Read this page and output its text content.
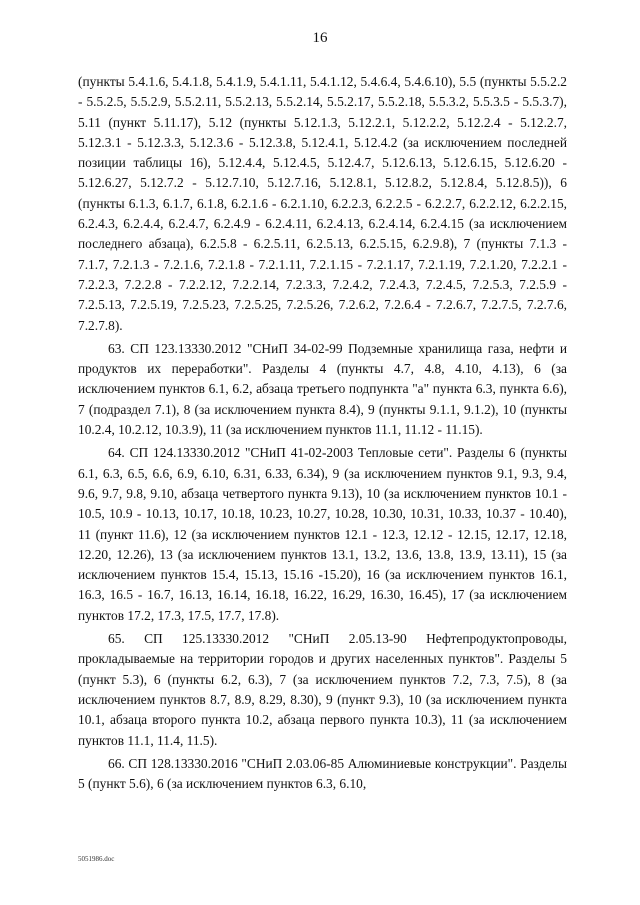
16

(пункты 5.4.1.6, 5.4.1.8, 5.4.1.9, 5.4.1.11, 5.4.1.12, 5.4.6.4, 5.4.6.10), 5.5 (пункты 5.5.2.2 - 5.5.2.5, 5.5.2.9, 5.5.2.11, 5.5.2.13, 5.5.2.14, 5.5.2.17, 5.5.2.18, 5.5.3.2, 5.5.3.5 - 5.5.3.7), 5.11 (пункт 5.11.17), 5.12 (пункты 5.12.1.3, 5.12.2.1, 5.12.2.2, 5.12.2.4 - 5.12.2.7, 5.12.3.1 - 5.12.3.3, 5.12.3.6 - 5.12.3.8, 5.12.4.1, 5.12.4.2 (за исключением последней позиции таблицы 16), 5.12.4.4, 5.12.4.5, 5.12.4.7, 5.12.6.13, 5.12.6.15, 5.12.6.20 - 5.12.6.27, 5.12.7.2 - 5.12.7.10, 5.12.7.16, 5.12.8.1, 5.12.8.2, 5.12.8.4, 5.12.8.5)), 6 (пункты 6.1.3, 6.1.7, 6.1.8, 6.2.1.6 - 6.2.1.10, 6.2.2.3, 6.2.2.5 - 6.2.2.7, 6.2.2.12, 6.2.2.15, 6.2.4.3, 6.2.4.4, 6.2.4.7, 6.2.4.9 - 6.2.4.11, 6.2.4.13, 6.2.4.14, 6.2.4.15 (за исключением последнего абзаца), 6.2.5.8 - 6.2.5.11, 6.2.5.13, 6.2.5.15, 6.2.9.8), 7 (пункты 7.1.3 - 7.1.7, 7.2.1.3 - 7.2.1.6, 7.2.1.8 - 7.2.1.11, 7.2.1.15 - 7.2.1.17, 7.2.1.19, 7.2.1.20, 7.2.2.1 - 7.2.2.3, 7.2.2.8 - 7.2.2.12, 7.2.2.14, 7.2.3.3, 7.2.4.2, 7.2.4.3, 7.2.4.5, 7.2.5.3, 7.2.5.9 - 7.2.5.13, 7.2.5.19, 7.2.5.23, 7.2.5.25, 7.2.5.26, 7.2.6.2, 7.2.6.4 - 7.2.6.7, 7.2.7.5, 7.2.7.6, 7.2.7.8).

63. СП 123.13330.2012 "СНиП 34-02-99 Подземные хранилища газа, нефти и продуктов их переработки". Разделы 4 (пункты 4.7, 4.8, 4.10, 4.13), 6 (за исключением пунктов 6.1, 6.2, абзаца третьего подпункта "а" пункта 6.3, пункта 6.6), 7 (подраздел 7.1), 8 (за исключением пункта 8.4), 9 (пункты 9.1.1, 9.1.2), 10 (пункты 10.2.4, 10.2.12, 10.3.9), 11 (за исключением пунктов 11.1, 11.12 - 11.15).

64. СП 124.13330.2012 "СНиП 41-02-2003 Тепловые сети". Разделы 6 (пункты 6.1, 6.3, 6.5, 6.6, 6.9, 6.10, 6.31, 6.33, 6.34), 9 (за исключением пунктов 9.1, 9.3, 9.4, 9.6, 9.7, 9.8, 9.10, абзаца четвертого пункта 9.13), 10 (за исключением пунктов 10.1 - 10.5, 10.9 - 10.13, 10.17, 10.18, 10.23, 10.27, 10.28, 10.30, 10.31, 10.33, 10.37 - 10.40), 11 (пункт 11.6), 12 (за исключением пунктов 12.1 - 12.3, 12.12 - 12.15, 12.17, 12.18, 12.20, 12.26), 13 (за исключением пунктов 13.1, 13.2, 13.6, 13.8, 13.9, 13.11), 15 (за исключением пунктов 15.4, 15.13, 15.16 -15.20), 16 (за исключением пунктов 16.1, 16.3, 16.5 - 16.7, 16.13, 16.14, 16.18, 16.22, 16.29, 16.30, 16.45), 17 (за исключением пунктов 17.2, 17.3, 17.5, 17.7, 17.8).

65. СП 125.13330.2012 "СНиП 2.05.13-90 Нефтепродуктопроводы, прокладываемые на территории городов и других населенных пунктов". Разделы 5 (пункт 5.3), 6 (пункты 6.2, 6.3), 7 (за исключением пунктов 7.2, 7.3, 7.5), 8 (за исключением пунктов 8.7, 8.9, 8.29, 8.30), 9 (пункт 9.3), 10 (за исключением пункта 10.1, абзаца второго пункта 10.2, абзаца первого пункта 10.3), 11 (за исключением пунктов 11.1, 11.4, 11.5).

66. СП 128.13330.2016 "СНиП 2.03.06-85 Алюминиевые конструкции". Разделы 5 (пункт 5.6), 6 (за исключением пунктов 6.3, 6.10,

5051986.doc
